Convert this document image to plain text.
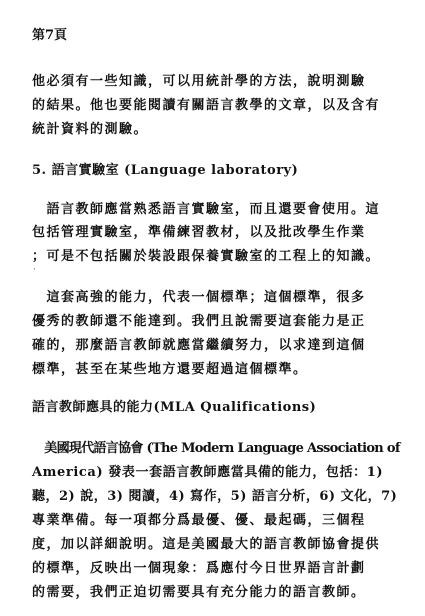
第7頁
他必須有一些知識，可以用統計學的方法，說明測驗
的結果。他也要能閱讀有關語言教學的文章，以及含有
統計資料的測驗。
5. 語言實驗室 (Language laboratory)
　語言教師應當熟悉語言實驗室，而且還要會使用。這
包括管理實驗室，準備練習教材，以及批改學生作業
；可是不包括關於裝設跟保養實驗室的工程上的知識。
·
　這套高強的能力，代表一個標準；這個標準，很多
優秀的教師還不能達到。我們且說需要這套能力是正
確的，那麼語言教師就應當繼續努力，以求達到這個
標準，甚至在某些地方還要超過這個標準。
語言教師應具的能力(MLA Qualifications)
　美國現代語言協會 (The Modern Language Association of
America) 發表一套語言教師應當具備的能力，包括：1)
聽，2) 說，3) 閱讀，4) 寫作，5) 語言分析，6) 文化，7)
專業準備。每一項都分爲最優、優、最起碼，三個程
度，加以詳細說明。這是美國最大的語言教師協會提供
的標準，反映出一個現象：爲應付今日世界語言計劃
的需要，我們正迫切需要具有充分能力的語言教師。
